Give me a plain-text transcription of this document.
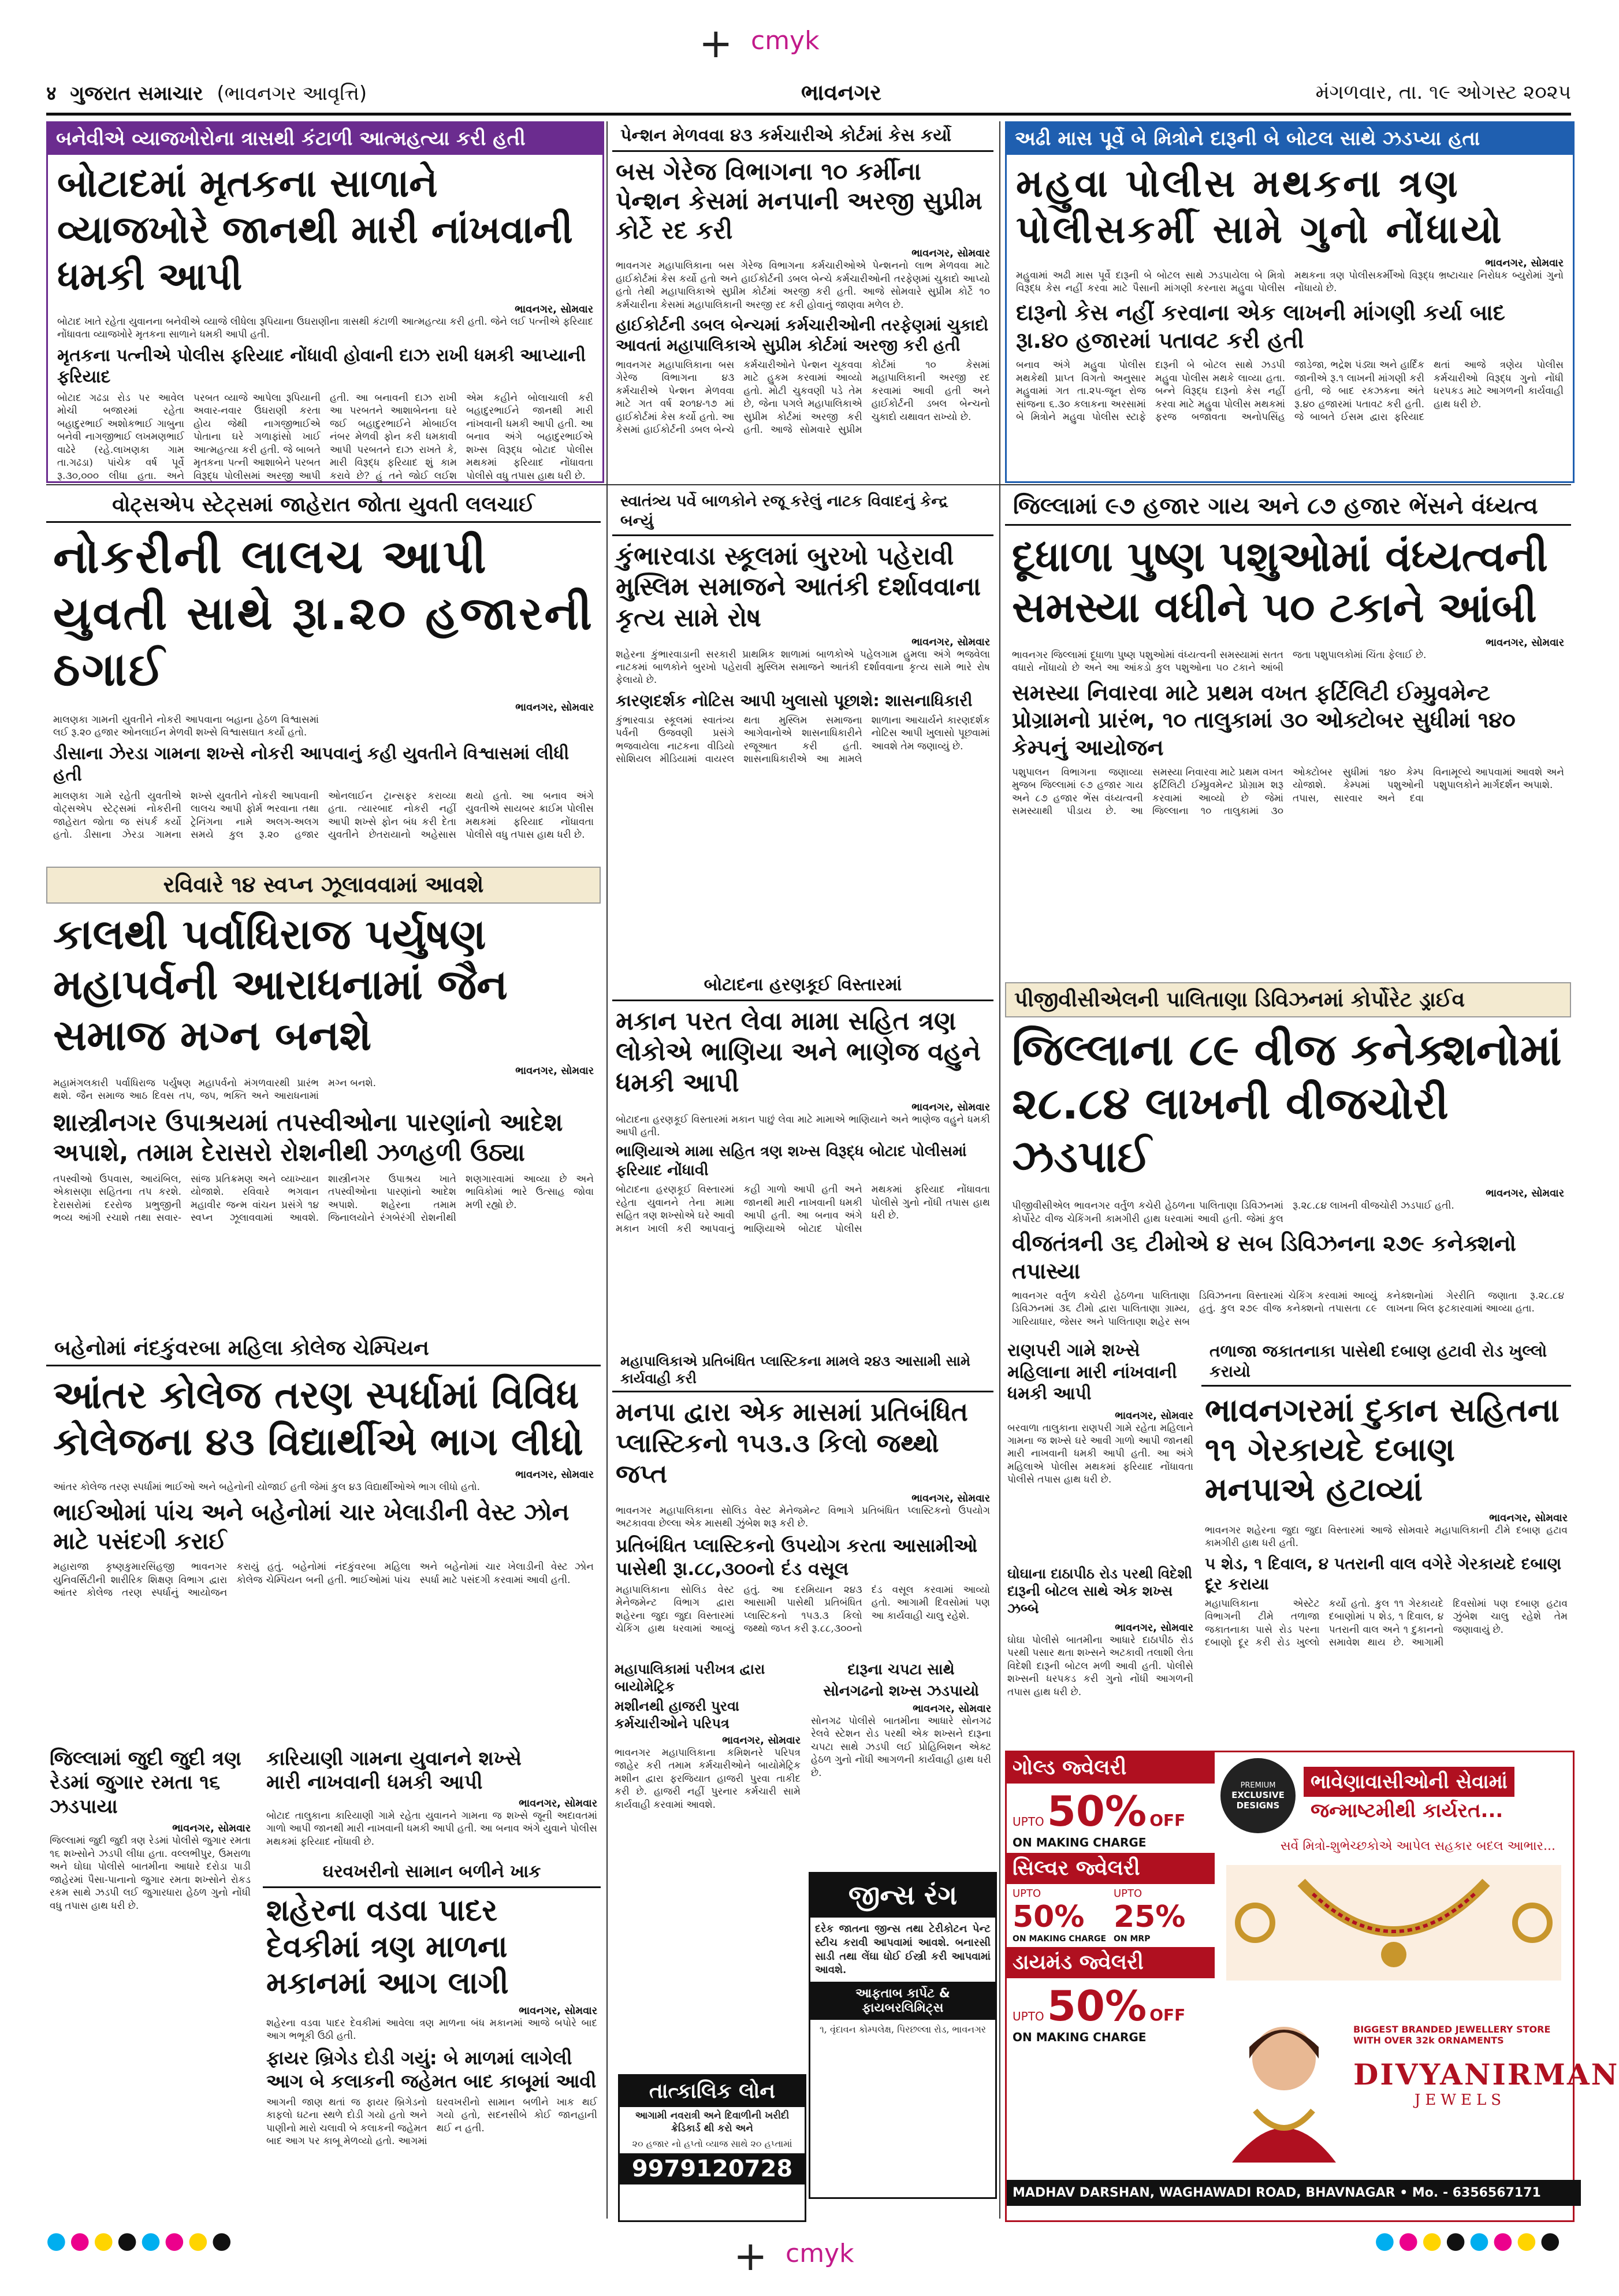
+ cmyk
+ cmyk
४ ગુજરાત સમાચાર (ભાવનગર આવૃત્તિ)	ભાવનગર	મંગળવાર, તા. ૧૯ ઓગસ્ટ ૨૦૨૫
બનેવીએ વ્યાજખોરોના ત્રાસથી કંટાળી આત્મહત્યા કરી હતી
બોટાદમાં મૃતકના સાળાને વ્યાજખોરે જાનથી મારી નાંખવાની ધમકી આપી
ભાવનગર, સોમવાર
બોટાદ ખાતે રહેતા યુવાનના બનેવીએ વ્યાજે લીધેલા રૂપિયાના ઉઘરાણીના ત્રાસથી કંટાળી આત્મહત્યા કરી હતી. જેને લઈ પત્નીએ ફરિયાદ નોંધાવતા વ્યાજખોરે મૃતકના સાળાને ધમકી આપી હતી.
મૃતકના પત્નીએ પોલીસ ફરિયાદ નોંધાવી હોવાની દાઝ રાખી ધમકી આપ્યાની ફરિયાદ
બોટાદ ગઢડા રોડ પર આવેલ મોચી બજારમાં રહેતા બહાદુરભાઈ અશોકભાઈ ગાબુના બનેવી નાગજીભાઈ લખમણભાઈ વાઢેરે (રહે.લાખણકા ગામ તા.ગઢડા) પાંચેક વર્ષ પૂર્વે રૂ.૩૦,૦૦૦ લીધા હતા. અને પરબત વ્યાજે આપેલા રૂપિયાની અવાર-નવાર ઉઘરાણી કરતા હોય જેથી નાગજીભાઈએ પોતાના ઘરે ગળાફાંસો ખાઈ આત્મહત્યા કરી હતી. જે બાબતે મૃતકના પત્ની આશાબેને પરબત વિરૂદ્ધ પોલીસમાં અરજી આપી હતી. આ બનાવની દાઝ રાખી આ પરબતને આશાબેનના ઘરે જઈ બહાદુરભાઈને મોબાઈલ નંબર મેળવી ફોન કરી ધમકાવી આપી પરબતને દાઝ રાખતે કે, મારી વિરૂદ્ધ ફરિયાદ શું કામ કરાવે છે? હું તને જોઈ લઈશ એમ કહીને બોલાચાલી કરી બહાદુરભાઈને જાનથી મારી નાંખવાની ધમકી આપી હતી. આ બનાવ અંગે બહાદુરભાઈએ શખ્સ વિરૂદ્ધ બોટાદ પોલીસ મથકમાં ફરિયાદ નોંધાવતા પોલીસે વધુ તપાસ હાથ ધરી છે.
પેન્શન મેળવવા ૪૩ કર્મચારીએ કોર્ટમાં કેસ કર્યો
બસ ગેરેજ વિભાગના ૧૦ કર્મીના પેન્શન કેસમાં મનપાની અરજી સુપ્રીમ કોર્ટે રદ કરી
ભાવનગર, સોમવાર
ભાવનગર મહાપાલિકાના બસ ગેરેજ વિભાગના કર્મચારીઓએ પેન્શનનો લાભ મેળવવા માટે હાઈકોર્ટમાં કેસ કર્યો હતો અને હાઈકોર્ટની ડબલ બેન્ચે કર્મચારીઓની તરફેણમાં ચુકાદો આપ્યો હતો તેથી મહાપાલિકાએ સુપ્રીમ કોર્ટમાં અરજી કરી હતી. આજે સોમવારે સુપ્રીમ કોર્ટે ૧૦ કર્મચારીના કેસમાં મહાપાલિકાની અરજી રદ કરી હોવાનું જાણવા મળેલ છે.
હાઈકોર્ટની ડબલ બેન્ચમાં કર્મચારીઓની તરફેણમાં ચુકાદો આવતાં મહાપાલિકાએ સુપ્રીમ કોર્ટમાં અરજી કરી હતી
ભાવનગર મહાપાલિકાના બસ ગેરેજ વિભાગના ૪૩ કર્મચારીએ પેન્શન મેળવવા માટે ગત વર્ષ ૨૦૧૪-૧૭ માં હાઈકોર્ટમાં કેસ કર્યો હતો. આ કેસમાં હાઈકોર્ટની ડબલ બેન્ચે કર્મચારીઓને પેન્શન ચૂકવવા માટે હુકમ કરવામાં આવ્યો હતો. મોટી ચુકવણી પડે તેમ છે, જેના પગલે મહાપાલિકાએ સુપ્રીમ કોર્ટમાં અરજી કરી હતી. આજે સોમવારે સુપ્રીમ કોર્ટમાં ૧૦ કેસમાં મહાપાલિકાની અરજી રદ કરવામાં આવી હતી અને હાઈકોર્ટની ડબલ બેન્ચનો ચુકાદો યથાવત રાખ્યો છે.
અઢી માસ પૂર્વે બે મિત્રોને દારૂની બે બોટલ સાથે ઝડપ્યા હતા
મહુવા પોલીસ મથકના ત્રણ પોલીસકર્મી સામે ગુનો નોંધાયો
ભાવનગર, સોમવાર
મહુવામાં અઢી માસ પૂર્વે દારૂની બે બોટલ સાથે ઝડપાયેલા બે મિત્રો વિરૂદ્ધ કેસ નહીં કરવા માટે પૈસાની માંગણી કરનારા મહુવા પોલીસ મથકના ત્રણ પોલીસકર્મીઓ વિરૂદ્ધ ભ્રષ્ટાચાર નિરોધક બ્યુરોમાં ગુનો નોંધાયો છે.
દારૂનો કેસ નહીં કરવાના એક લાખની માંગણી કર્યા બાદ રૂા.૪૦ હજારમાં પતાવટ કરી હતી
બનાવ અંગે મહુવા પોલીસ મથકેથી પ્રાપ્ત વિગતો અનુસાર મહુવામાં ગત તા.૨૫-જૂન રોજ સાંજના ૬.૩૦ કલાકના અરસામાં બે મિત્રોને મહુવા પોલીસ સ્ટાફે દારૂની બે બોટલ સાથે ઝડપી મહુવા પોલીસ મથકે લાવ્યા હતા. બન્ને વિરૂદ્ધ દારૂનો કેસ નહીં કરવા માટે મહુવા પોલીસ મથકમાં ફરજ બજાવતા અનોપસિંહ જાડેજા, ભદ્રેશ પંડ્યા અને હાર્દિક જાનીએ રૂ.૧ લાખની માંગણી કરી હતી, જે બાદ રકઝકના અંતે રૂ.૪૦ હજારમાં પતાવટ કરી હતી. જે બાબતે ઈસમ દ્વારા ફરિયાદ થતાં આજે ત્રણેય પોલીસ કર્મચારીઓ વિરૂદ્ધ ગુનો નોંધી ધરપકડ માટે આગળની કાર્યવાહી હાથ ધરી છે.
વોટ્સએપ સ્ટેટ્સમાં જાહેરાત જોતા યુવતી લલચાઈ
નોકરીની લાલચ આપી યુવતી સાથે રૂા.૨૦ હજારની ઠગાઈ
ભાવનગર, સોમવાર
માલણકા ગામની યુવતીને નોકરી આપવાના બહાના હેઠળ વિશ્વાસમાં લઈ રૂ.૨૦ હજાર ઓનલાઈન મેળવી શખ્સે વિશ્વાસઘાત કર્યો હતો.
ડીસાના ઝેરડા ગામના શખ્સે નોકરી આપવાનું કહી યુવતીને વિશ્વાસમાં લીધી હતી
માલણકા ગામે રહેતી યુવતીએ વોટ્સએપ સ્ટેટ્સમાં નોકરીની જાહેરાત જોતા જ સંપર્ક કર્યો હતો. ડીસાના ઝેરડા ગામના શખ્સે યુવતીને નોકરી આપવાની લાલચ આપી ફોર્મ ભરવાના તથા ટ્રેનિંગના નામે અલગ-અલગ સમયે કુલ રૂ.૨૦ હજાર ઓનલાઈન ટ્રાન્સફર કરાવ્યા હતા. ત્યારબાદ નોકરી નહીં આપી શખ્સે ફોન બંધ કરી દેતા યુવતીને છેતરાયાનો અહેસાસ થયો હતો. આ બનાવ અંગે યુવતીએ સાયબર ક્રાઈમ પોલીસ મથકમાં ફરિયાદ નોંધાવતા પોલીસે વધુ તપાસ હાથ ધરી છે.
સ્વાતંત્ર્ય પર્વે બાળકોને રજૂ કરેલું નાટક વિવાદનું કેન્દ્ર બન્યું
કુંભારવાડા સ્કૂલમાં બુરખો પહેરાવી મુસ્લિમ સમાજને આતંકી દર્શાવવાના કૃત્ય સામે રોષ
ભાવનગર, સોમવાર
શહેરના કુંભારવાડાની સરકારી પ્રાથમિક શાળામાં બાળકોએ પહેલગામ હુમલા અંગે ભજવેલા નાટકમાં બાળકોને બુરખો પહેરાવી મુસ્લિમ સમાજને આતંકી દર્શાવવાના કૃત્ય સામે ભારે રોષ ફેલાયો છે.
કારણદર્શક નોટિસ આપી ખુલાસો પૂછાશે: શાસનાધિકારી
કુંભારવાડા સ્કૂલમાં સ્વાતંત્ર્ય પર્વની ઉજવણી પ્રસંગે ભજવાયેલા નાટકના વીડિયો સોશિયલ મીડિયામાં વાયરલ થતા મુસ્લિમ સમાજના આગેવાનોએ શાસનાધિકારીને રજૂઆત કરી હતી. શાસનાધિકારીએ આ મામલે શાળાના આચાર્યને કારણદર્શક નોટિસ આપી ખુલાસો પૂછવામાં આવશે તેમ જણાવ્યું છે.
જિલ્લામાં ૯૭ હજાર ગાય અને ૮૭ હજાર ભેંસને વંધ્યત્વ
દૂધાળા પુષ્ણ પશુઓમાં વંધ્યત્વની સમસ્યા વધીને ૫૦ ટકાને આંબી
ભાવનગર, સોમવાર
ભાવનગર જિલ્લામાં દૂધાળા પુષ્ણ પશુઓમાં વંધ્યત્વની સમસ્યામાં સતત વધારો નોંધાયો છે અને આ આંકડો કુલ પશુઓના ૫૦ ટકાને આંબી જતા પશુપાલકોમાં ચિંતા ફેલાઈ છે.
સમસ્યા નિવારવા માટે પ્રથમ વખત ફર્ટિલિટી ઈમ્પ્રુવમેન્ટ પ્રોગ્રામનો પ્રારંભ, ૧૦ તાલુકામાં ૩૦ ઓક્ટોબર સુધીમાં ૧૪૦ કેમ્પનું આયોજન
પશુપાલન વિભાગના જણાવ્યા મુજબ જિલ્લામાં ૯૭ હજાર ગાય અને ૮૭ હજાર ભેંસ વંધ્યત્વની સમસ્યાથી પીડાય છે. આ સમસ્યા નિવારવા માટે પ્રથમ વખત ફર્ટિલિટી ઈમ્પ્રુવમેન્ટ પ્રોગ્રામ શરૂ કરવામાં આવ્યો છે જેમાં જિલ્લાના ૧૦ તાલુકામાં ૩૦ ઓક્ટોબર સુધીમાં ૧૪૦ કેમ્પ યોજાશે. કેમ્પમાં પશુઓની તપાસ, સારવાર અને દવા વિનામૂલ્યે આપવામાં આવશે અને પશુપાલકોને માર્ગદર્શન અપાશે.
રવિવારે ૧૪ સ્વપ્ન ઝૂલાવવામાં આવશે
કાલથી પર્વાધિરાજ પર્યુષણ મહાપર્વની આરાધનામાં જૈન સમાજ મગ્ન બનશે
ભાવનગર, સોમવાર
મહામંગલકારી પર્વાધિરાજ પર્યુષણ મહાપર્વનો મંગળવારથી પ્રારંભ થશે. જૈન સમાજ આઠ દિવસ તપ, જપ, ભક્તિ અને આરાધનામાં મગ્ન બનશે.
શાસ્ત્રીનગર ઉપાશ્રયમાં તપસ્વીઓના પારણાંનો આદેશ અપાશે, તમામ દેરાસરો રોશનીથી ઝળહળી ઉઠ્યા
તપસ્વીઓ ઉપવાસ, આયંબિલ, એકાસણા સહિતના તપ કરશે. દેરાસરોમાં દરરોજ પ્રભુજીની ભવ્ય આંગી રચાશે તથા સવાર-સાંજ પ્રતિક્રમણ અને વ્યાખ્યાન યોજાશે. રવિવારે ભગવાન મહાવીર જન્મ વાંચન પ્રસંગે ૧૪ સ્વપ્ન ઝૂલાવવામાં આવશે. શાસ્ત્રીનગર ઉપાશ્રય ખાતે તપસ્વીઓના પારણાંનો આદેશ અપાશે. શહેરના તમામ જિનાલયોને રંગબેરંગી રોશનીથી શણગારવામાં આવ્યા છે અને ભાવિકોમાં ભારે ઉત્સાહ જોવા મળી રહ્યો છે.
બહેનોમાં નંદકુંવરબા મહિલા કોલેજ ચેમ્પિયન
આંતર કોલેજ તરણ સ્પર્ધામાં વિવિધ કોલેજના ૪૩ વિદ્યાર્થીએ ભાગ લીધો
ભાવનગર, સોમવાર
આંતર કોલેજ તરણ સ્પર્ધામાં ભાઈઓ અને બહેનોની યોજાઈ હતી જેમાં કુલ ૪૩ વિદ્યાર્થીઓએ ભાગ લીધો હતો.
ભાઈઓમાં પાંચ અને બહેનોમાં ચાર ખેલાડીની વેસ્ટ ઝોન માટે પસંદગી કરાઈ
મહારાજા કૃષ્ણકુમારસિંહજી ભાવનગર યુનિવર્સિટીની શારીરિક શિક્ષણ વિભાગ દ્વારા આંતર કોલેજ તરણ સ્પર્ધાનું આયોજન કરાયું હતું. બહેનોમાં નંદકુંવરબા મહિલા કોલેજ ચેમ્પિયન બની હતી. ભાઈઓમાં પાંચ અને બહેનોમાં ચાર ખેલાડીની વેસ્ટ ઝોન સ્પર્ધા માટે પસંદગી કરવામાં આવી હતી.
જિલ્લામાં જુદી જુદી ત્રણ રેડમાં જુગાર રમતા ૧૬ ઝડપાયા
ભાવનગર, સોમવાર
જિલ્લામાં જુદી જુદી ત્રણ રેડમાં પોલીસે જુગાર રમતા ૧૬ શખ્સોને ઝડપી લીધા હતા. વલ્લભીપુર, ઉમરાળા અને ઘોઘા પોલીસે બાતમીના આધારે દરોડા પાડી જાહેરમાં પૈસા-પાનાનો જુગાર રમતા શખ્સોને રોકડ રકમ સાથે ઝડપી લઈ જુગારધારા હેઠળ ગુનો નોંધી વધુ તપાસ હાથ ધરી છે.
કારિયાણી ગામના યુવાનને શખ્સે
મારી નાખવાની ધમકી આપી
ભાવનગર, સોમવાર
બોટાદ તાલુકાના કારિયાણી ગામે રહેતા યુવાનને ગામના જ શખ્સે જૂની અદાવતમાં ગાળો આપી જાનથી મારી નાખવાની ધમકી આપી હતી. આ બનાવ અંગે યુવાને પોલીસ મથકમાં ફરિયાદ નોંધાવી છે.
ઘરવખરીનો સામાન બળીને ખાક
શહેરના વડવા પાદર દેવકીમાં ત્રણ માળના મકાનમાં આગ લાગી
ભાવનગર, સોમવાર
શહેરના વડવા પાદર દેવકીમાં આવેલા ત્રણ માળના બંધ મકાનમાં આજે બપોરે બાદ આગ ભભૂકી ઉઠી હતી.
ફાયર બ્રિગેડ દોડી ગયું: બે માળમાં લાગેલી આગ બે કલાકની જહેમત બાદ કાબૂમાં આવી
આગની જાણ થતાં જ ફાયર બ્રિગેડનો કાફલો ઘટના સ્થળે દોડી ગયો હતો અને પાણીનો મારો ચલાવી બે કલાકની જહેમત બાદ આગ પર કાબૂ મેળવ્યો હતો. આગમાં ઘરવખરીનો સામાન બળીને ખાક થઈ ગયો હતો, સદનસીબે કોઈ જાનહાની થઈ ન હતી.
બોટાદના હરણકૂઈ વિસ્તારમાં
મકાન પરત લેવા મામા સહિત ત્રણ લોકોએ ભાણિયા અને ભાણેજ વહુને ધમકી આપી
ભાવનગર, સોમવાર
બોટાદના હરણકૂઈ વિસ્તારમાં મકાન પાછું લેવા માટે મામાએ ભાણિયાને અને ભાણેજ વહુને ધમકી આપી હતી.
ભાણિયાએ મામા સહિત ત્રણ શખ્સ વિરૂદ્ધ બોટાદ પોલીસમાં ફરિયાદ નોંધાવી
બોટાદના હરણકૂઈ વિસ્તારમાં રહેતા યુવાનને તેના મામા સહિત ત્રણ શખ્સોએ ઘરે આવી મકાન ખાલી કરી આપવાનું કહી ગાળો આપી હતી અને જાનથી મારી નાખવાની ધમકી આપી હતી. આ બનાવ અંગે ભાણિયાએ બોટાદ પોલીસ મથકમાં ફરિયાદ નોંધાવતા પોલીસે ગુનો નોંધી તપાસ હાથ ધરી છે.
મહાપાલિકાએ પ્રતિબંધિત પ્લાસ્ટિકના મામલે ૨૪૩ આસામી સામે કાર્યવાહી કરી
મનપા દ્વારા એક માસમાં પ્રતિબંધિત પ્લાસ્ટિકનો ૧૫૩.૩ કિલો જથ્થો જપ્ત
ભાવનગર, સોમવાર
ભાવનગર મહાપાલિકાના સોલિડ વેસ્ટ મેનેજમેન્ટ વિભાગે પ્રતિબંધિત પ્લાસ્ટિકનો ઉપયોગ અટકાવવા છેલ્લા એક માસથી ઝુંબેશ શરૂ કરી છે.
પ્રતિબંધિત પ્લાસ્ટિકનો ઉપયોગ કરતા આસામીઓ પાસેથી રૂા.૮૮,૩૦૦નો દંડ વસૂલ
મહાપાલિકાના સોલિડ વેસ્ટ મેનેજમેન્ટ વિભાગ દ્વારા શહેરના જુદા જુદા વિસ્તારમાં ચેકિંગ હાથ ધરવામાં આવ્યું હતું. આ દરમિયાન ૨૪૩ આસામી પાસેથી પ્રતિબંધિત પ્લાસ્ટિકનો ૧૫૩.૩ કિલો જથ્થો જપ્ત કરી રૂ.૮૮,૩૦૦નો દંડ વસૂલ કરવામાં આવ્યો હતો. આગામી દિવસોમાં પણ આ કાર્યવાહી ચાલુ રહેશે.
મહાપાલિકામાં પરીખત્ર દ્વારા બાયોમેટ્રિક
મશીનથી હાજરી પુરવા કર્મચારીઓને પરિપત્ર
ભાવનગર, સોમવાર
ભાવનગર મહાપાલિકાના કમિશનરે પરિપત્ર જાહેર કરી તમામ કર્મચારીઓને બાયોમેટ્રિક મશીન દ્વારા ફરજિયાત હાજરી પુરવા તાકીદ કરી છે. હાજરી નહીં પુરનાર કર્મચારી સામે કાર્યવાહી કરવામાં આવશે.
દારૂના ચપટા સાથે
સોનગઢનો શખ્સ ઝડપાયો
ભાવનગર, સોમવાર
સોનગઢ પોલીસે બાતમીના આધારે સોનગઢ રેલવે સ્ટેશન રોડ પરથી એક શખ્સને દારૂના ચપટા સાથે ઝડપી લઈ પ્રોહિબિશન એક્ટ હેઠળ ગુનો નોંધી આગળની કાર્યવાહી હાથ ધરી છે.
જીન્સ રંગ
દરેક જાતના જીન્સ તથા ટેરીકોટન પેન્ટ સ્ટીચ કરાવી આપવામાં આવશે. બનારસી સાડી તથા લેંઘા ધોઈ ઈસ્ત્રી કરી આપવામાં આવશે.
આફતાબ કાર્પેટ & ફાયબરલિમિટ્સ
૧, વૃંદાવન કોમ્પલેક્ષ, પિરછલ્લા રોડ, ભાવનગર
તાત્કાલિક લોન
આગામી નવરાત્રી અને દિવાળીની ખરીદી ક્રેડિકાર્ડ થી કરો અને
૨૦ હજાર નો હપ્તો વ્યાજ સાથે ૨૦ હપ્તામાં
9979120728
પીજીવીસીએલની પાલિતાણા ડિવિઝનમાં કોર્પોરેટ ડ્રાઈવ
જિલ્લાના ૮૯ વીજ કનેક્શનોમાં ૨૮.૮૪ લાખની વીજચોરી ઝડપાઈ
ભાવનગર, સોમવાર
પીજીવીસીએલ ભાવનગર વર્તુળ કચેરી હેઠળના પાલિતાણા ડિવિઝનમાં કોર્પોરેટ વીજ ચેકિંગની કામગીરી હાથ ધરવામાં આવી હતી. જેમાં કુલ રૂ.૨૮.૮૪ લાખની વીજચોરી ઝડપાઈ હતી.
વીજતંત્રની ૩૬ ટીમોએ ૪ સબ ડિવિઝનના ૨૭૯ કનેક્શનો તપાસ્યા
ભાવનગર વર્તુળ કચેરી હેઠળના પાલિતાણા ડિવિઝનમાં ૩૬ ટીમો દ્વારા પાલિતાણા ગ્રામ્ય, ગારિયાધાર, જેસર અને પાલિતાણા શહેર સબ ડિવિઝનના વિસ્તારમાં ચેકિંગ કરવામાં આવ્યું હતું. કુલ ૨૭૯ વીજ કનેક્શનો તપાસતા ૮૯ કનેક્શનોમાં ગેરરીતિ જણાતા રૂ.૨૮.૮૪ લાખના બિલ ફટકારવામાં આવ્યા હતા.
રાણપરી ગામે શખ્સે મહિલાના મારી નાંખવાની ધમકી આપી
ભાવનગર, સોમવાર
બરવાળા તાલુકાના રાણપરી ગામે રહેતા મહિલાને ગામના જ શખ્સે ઘરે આવી ગાળો આપી જાનથી મારી નાખવાની ધમકી આપી હતી. આ અંગે મહિલાએ પોલીસ મથકમાં ફરિયાદ નોંધાવતા પોલીસે તપાસ હાથ ધરી છે.
ઘોઘાના દાઠાપીઠ રોડ પરથી વિદેશી દારૂની બોટલ સાથે એક શખ્સ ઝબ્બે
ભાવનગર, સોમવાર
ઘોઘા પોલીસે બાતમીના આધારે દાઠાપીઠ રોડ પરથી પસાર થતા શખ્સને અટકાવી તલાશી લેતા વિદેશી દારૂની બોટલ મળી આવી હતી. પોલીસે શખ્સની ધરપકડ કરી ગુનો નોંધી આગળની તપાસ હાથ ધરી છે.
તળાજા જકાતનાકા પાસેથી દબાણ હટાવી રોડ ખુલ્લો કરાયો
ભાવનગરમાં દુકાન સહિતના ૧૧ ગેરકાયદે દબાણ મનપાએ હટાવ્યાં
ભાવનગર, સોમવાર
ભાવનગર શહેરના જુદા જુદા વિસ્તારમાં આજે સોમવારે મહાપાલિકાની ટીમે દબાણ હટાવ કામગીરી હાથ ધરી હતી.
૫ શેડ, ૧ દિવાલ, ૪ પતરાની વાલ વગેરે ગેરકાયદે દબાણ દૂર કરાયા
મહાપાલિકાના એસ્ટેટ વિભાગની ટીમે તળાજા જકાતનાકા પાસે રોડ પરના દબાણો દૂર કરી રોડ ખુલ્લો કર્યો હતો. કુલ ૧૧ ગેરકાયદે દબાણોમાં ૫ શેડ, ૧ દિવાલ, ૪ પતરાની વાલ અને ૧ દુકાનનો સમાવેશ થાય છે. આગામી દિવસોમાં પણ દબાણ હટાવ ઝુંબેશ ચાલુ રહેશે તેમ જણાવાયું છે.
ગોલ્ડ જ્વેલરી
UPTO 50% OFF
ON MAKING CHARGE
સિલ્વર જ્વેલરી
UPTO 50%
ON MAKING CHARGE
UPTO 25%
ON MRP
ડાયમંડ જ્વેલરી
UPTO 50% OFF
ON MAKING CHARGE
PREMIUM
EXCLUSIVE DESIGNS
ભાવેણાવાસીઓની સેવામાં
જન્માષ્ટમીથી કાર્યરત...
સર્વે મિત્રો-શુભેચ્છકોએ આપેલ સહકાર બદલ આભાર...
BIGGEST BRANDED JEWELLERY STORE WITH OVER 32k ORNAMENTS
DIVYANIRMAN
JEWELS
MADHAV DARSHAN, WAGHAWADI ROAD, BHAVNAGAR • Mo. - 6356567171
●●●●●●●●	●●●●●●●●
